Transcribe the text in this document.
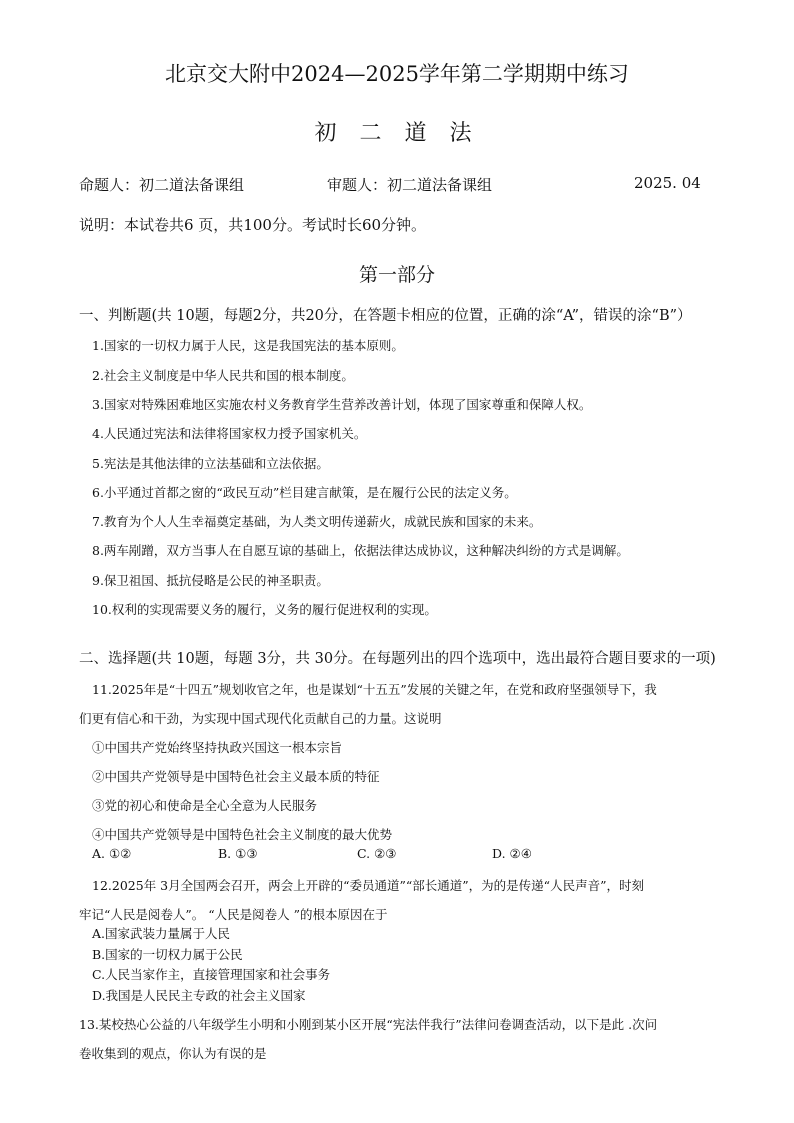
北京交大附中2024—2025学年第二学期期中练习
初 二 道 法
命题人：初二道法备课组	审题人：初二道法备课组	2025. 04
说明：本试卷共6 页，共100分。考试时长60分钟。
第一部分
一、判断题(共 10题，每题2分，共20分，在答题卡相应的位置，正确的涂“A”，错误的涂“B”）
1.国家的一切权力属于人民，这是我国宪法的基本原则。
2.社会主义制度是中华人民共和国的根本制度。
3.国家对特殊困难地区实施农村义务教育学生营养改善计划，体现了国家尊重和保障人权。
4.人民通过宪法和法律将国家权力授予国家机关。
5.宪法是其他法律的立法基础和立法依据。
6.小平通过首都之窗的“政民互动”栏目建言献策，是在履行公民的法定义务。
7.教育为个人人生幸福奠定基础，为人类文明传递薪火，成就民族和国家的未来。
8.两车剐蹭，双方当事人在自愿互谅的基础上，依据法律达成协议，这种解决纠纷的方式是调解。
9.保卫祖国、抵抗侵略是公民的神圣职责。
10.权利的实现需要义务的履行，义务的履行促进权利的实现。
二、选择题(共 10题，每题 3分，共 30分。在每题列出的四个选项中，选出最符合题目要求的一项)
11.2025年是“十四五”规划收官之年，也是谋划“十五五”发展的关键之年，在党和政府坚强领导下，我
们更有信心和干劲，为实现中国式现代化贡献自己的力量。这说明
①中国共产党始终坚持执政兴国这一根本宗旨
②中国共产党领导是中国特色社会主义最本质的特征
③党的初心和使命是全心全意为人民服务
④中国共产党领导是中国特色社会主义制度的最大优势
A. ①②	B. ①③	C. ②③	D. ②④
12.2025年 3月全国两会召开，两会上开辟的“委员通道”“部长通道”，为的是传递“人民声音”，时刻
牢记“人民是阅卷人”。 “人民是阅卷人 ”的根本原因在于
A.国家武装力量属于人民
B.国家的一切权力属于公民
C.人民当家作主，直接管理国家和社会事务
D.我国是人民民主专政的社会主义国家
13.某校热心公益的八年级学生小明和小刚到某小区开展“宪法伴我行”法律问卷调查活动，以下是此 .次问
卷收集到的观点，你认为有误的是
